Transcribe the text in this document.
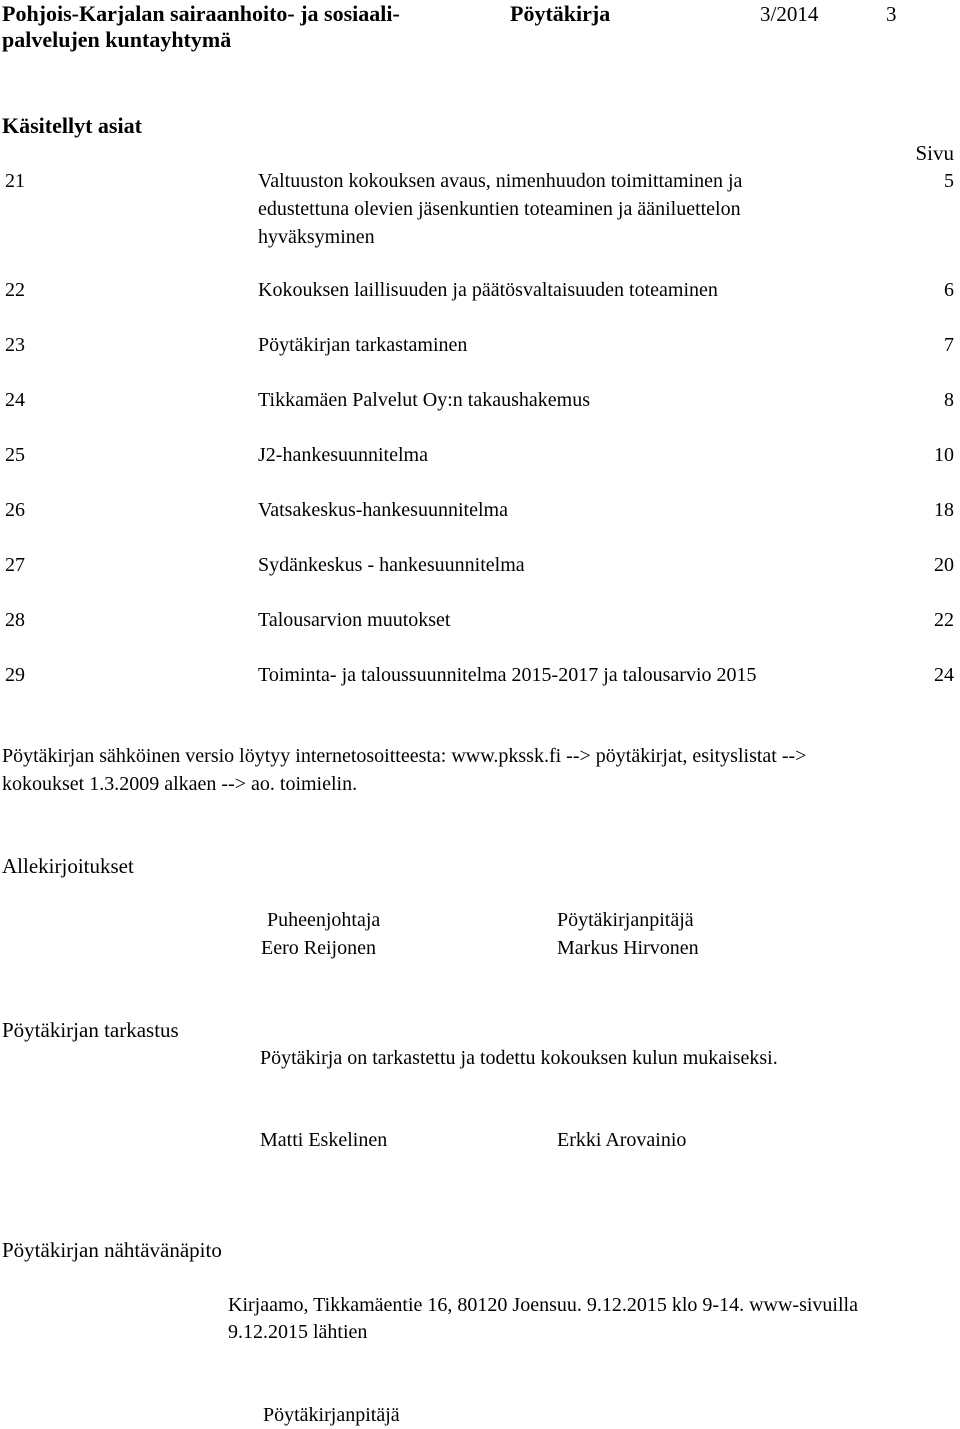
Pohjois-Karjalan sairaanhoito- ja sosiaali-
palvelujen kuntayhtymä
Pöytäkirja	3/2014	3
Käsitellyt asiat
Sivu
21	Valtuuston kokouksen avaus, nimenhuudon toimittaminen ja
edustettuna olevien jäsenkuntien toteaminen ja ääniluettelon
hyväksyminen
5
22	Kokouksen laillisuuden ja päätösvaltaisuuden toteaminen	6
23	Pöytäkirjan tarkastaminen	7
24	Tikkamäen Palvelut Oy:n takaushakemus	8
25	J2-hankesuunnitelma	10
26	Vatsakeskus-hankesuunnitelma	18
27	Sydänkeskus - hankesuunnitelma	20
28	Talousarvion muutokset	22
29	Toiminta- ja taloussuunnitelma 2015-2017 ja talousarvio 2015	24
Pöytäkirjan sähköinen versio löytyy internetosoitteesta: www.pkssk.fi --> pöytäkirjat, esityslistat -->
kokoukset 1.3.2009 alkaen --> ao. toimielin.
Allekirjoitukset
Puheenjohtaja
Eero Reijonen
Pöytäkirjanpitäjä
Markus Hirvonen
Pöytäkirjan tarkastus
Pöytäkirja on tarkastettu ja todettu kokouksen kulun mukaiseksi.
Matti Eskelinen	Erkki Arovainio
Pöytäkirjan nähtävänäpito
Kirjaamo, Tikkamäentie 16, 80120 Joensuu. 9.12.2015 klo 9-14. www-sivuilla
9.12.2015 lähtien
Pöytäkirjanpitäjä
